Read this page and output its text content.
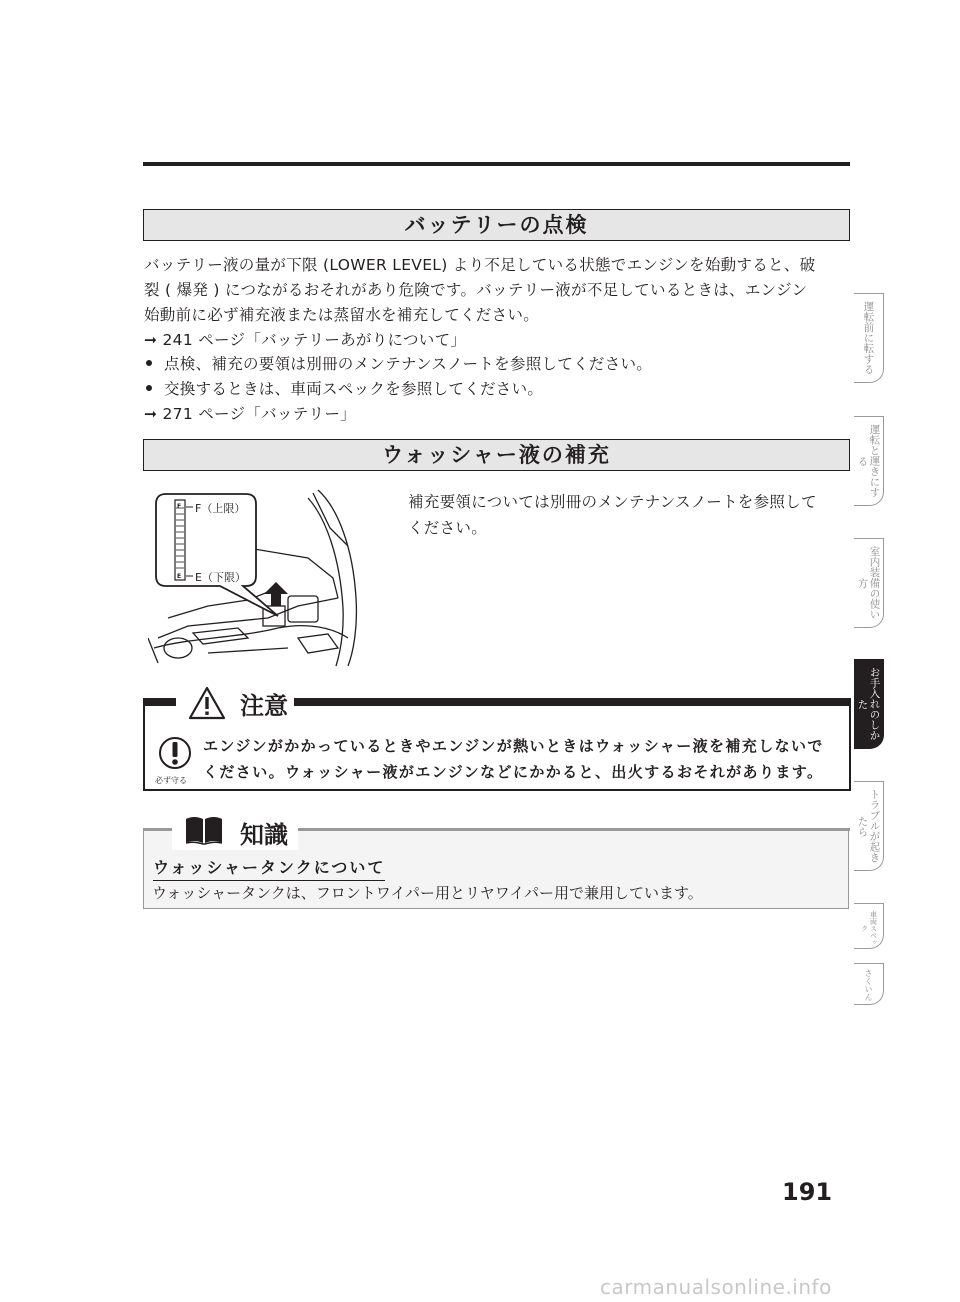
バッテリーの点検
バッテリー液の量が下限 (LOWER LEVEL) より不足している状態でエンジンを始動すると、破
裂 ( 爆発 ) につながるおそれがあり危険です。バッテリー液が不足しているときは、エンジン
始動前に必ず補充液または蒸留水を補充してください。
➞ 241 ページ「バッテリーあがりについて」
点検、補充の要領は別冊のメンテナンスノートを参照してください。
交換するときは、車両スペックを参照してください。
➞ 271 ページ「バッテリー」
ウォッシャー液の補充
補充要領については別冊のメンテナンスノートを参照して
ください。
F
E
F（上限）
E（下限）
注意
必ず守る
エンジンがかかっているときやエンジンが熱いときはウォッシャー液を補充しないで
ください。ウォッシャー液がエンジンなどにかかると、出火するおそれがあります。
知識
ウォッシャータンクについて
ウォッシャータンクは、フロントワイパー用とリヤワイパー用で兼用しています。
運転前に転する
運転と運きにする
室内装備の使い方
お手入れのしかた
トラブルが起きたら
車両スペック
さくいん
191
carmanualsonline.info
